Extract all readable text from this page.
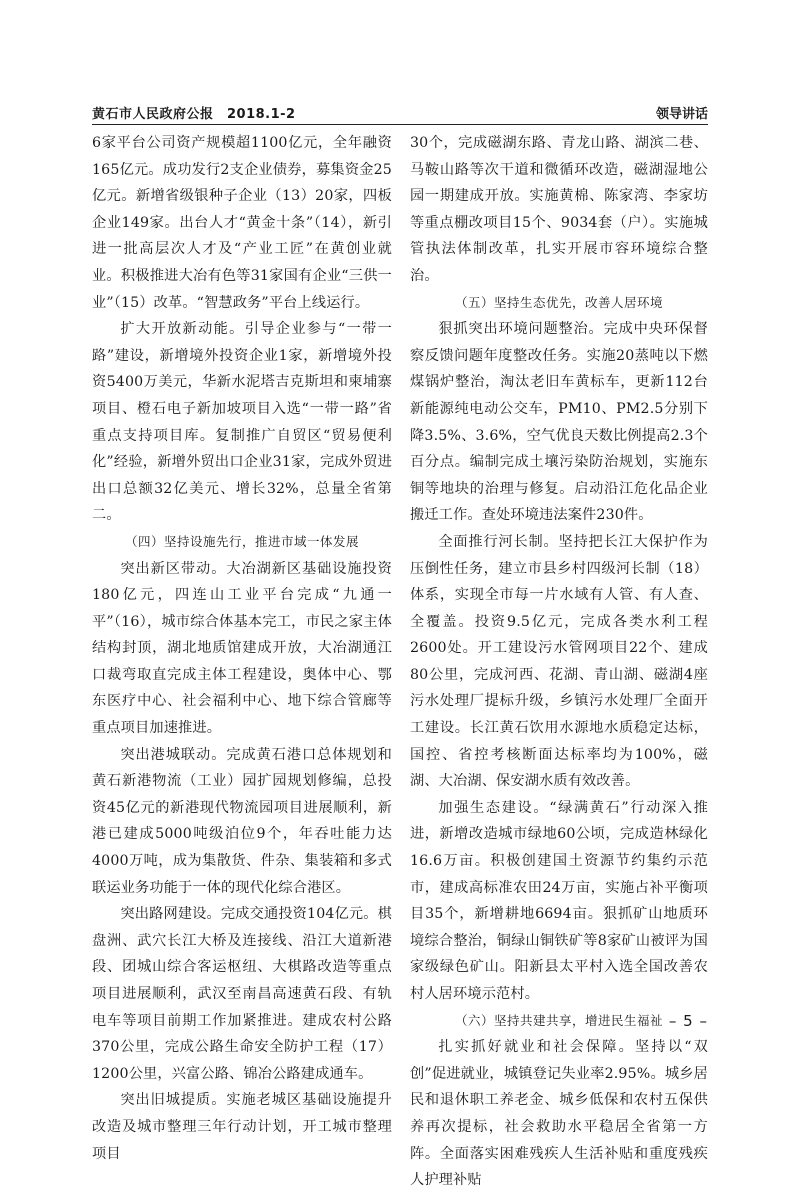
黄石市人民政府公报　2018.1-2	领导讲话

6家平台公司资产规模超1100亿元，全年融资165亿元。成功发行2支企业债券，募集资金25亿元。新增省级银种子企业（13）20家，四板企业149家。出台人才“黄金十条”（14），新引进一批高层次人才及“产业工匠”在黄创业就业。积极推进大冶有色等31家国有企业“三供一业”（15）改革。“智慧政务”平台上线运行。

扩大开放新动能。引导企业参与“一带一路”建设，新增境外投资企业1家，新增境外投资5400万美元，华新水泥塔吉克斯坦和柬埔寨项目、橙石电子新加坡项目入选“一带一路”省重点支持项目库。复制推广自贸区“贸易便利化”经验，新增外贸出口企业31家，完成外贸进出口总额32亿美元、增长32%，总量全省第二。

（四）坚持设施先行，推进市域一体发展

突出新区带动。大冶湖新区基础设施投资180亿元，四连山工业平台完成“九通一平”（16），城市综合体基本完工，市民之家主体结构封顶，湖北地质馆建成开放，大冶湖通江口裁弯取直完成主体工程建设，奥体中心、鄂东医疗中心、社会福利中心、地下综合管廊等重点项目加速推进。

突出港城联动。完成黄石港口总体规划和黄石新港物流（工业）园扩园规划修编，总投资45亿元的新港现代物流园项目进展顺利，新港已建成5000吨级泊位9个，年吞吐能力达4000万吨，成为集散货、件杂、集装箱和多式联运业务功能于一体的现代化综合港区。

突出路网建设。完成交通投资104亿元。棋盘洲、武穴长江大桥及连接线、沿江大道新港段、团城山综合客运枢纽、大棋路改造等重点项目进展顺利，武汉至南昌高速黄石段、有轨电车等项目前期工作加紧推进。建成农村公路370公里，完成公路生命安全防护工程（17）1200公里，兴富公路、锦冶公路建成通车。

突出旧城提质。实施老城区基础设施提升改造及城市整理三年行动计划，开工城市整理项目

30个，完成磁湖东路、青龙山路、湖滨二巷、马鞍山路等次干道和微循环改造，磁湖湿地公园一期建成开放。实施黄棉、陈家湾、李家坊等重点棚改项目15个、9034套（户）。实施城管执法体制改革，扎实开展市容环境综合整治。

（五）坚持生态优先，改善人居环境

狠抓突出环境问题整治。完成中央环保督察反馈问题年度整改任务。实施20蒸吨以下燃煤锅炉整治，淘汰老旧车黄标车，更新112台新能源纯电动公交车，PM10、PM2.5分别下降3.5%、3.6%，空气优良天数比例提高2.3个百分点。编制完成土壤污染防治规划，实施东铜等地块的治理与修复。启动沿江危化品企业搬迁工作。查处环境违法案件230件。

全面推行河长制。坚持把长江大保护作为压倒性任务，建立市县乡村四级河长制（18）体系，实现全市每一片水域有人管、有人查、全覆盖。投资9.5亿元，完成各类水利工程2600处。开工建设污水管网项目22个、建成80公里，完成河西、花湖、青山湖、磁湖4座污水处理厂提标升级，乡镇污水处理厂全面开工建设。长江黄石饮用水源地水质稳定达标，国控、省控考核断面达标率均为100%，磁湖、大冶湖、保安湖水质有效改善。

加强生态建设。“绿满黄石”行动深入推进，新增改造城市绿地60公顷，完成造林绿化16.6万亩。积极创建国土资源节约集约示范市，建成高标准农田24万亩，实施占补平衡项目35个，新增耕地6694亩。狠抓矿山地质环境综合整治，铜绿山铜铁矿等8家矿山被评为国家级绿色矿山。阳新县太平村入选全国改善农村人居环境示范村。

（六）坚持共建共享，增进民生福祉

扎实抓好就业和社会保障。坚持以“双创”促进就业，城镇登记失业率2.95%。城乡居民和退休职工养老金、城乡低保和农村五保供养再次提标，社会救助水平稳居全省第一方阵。全面落实困难残疾人生活补贴和重度残疾人护理补贴

– 5 –
